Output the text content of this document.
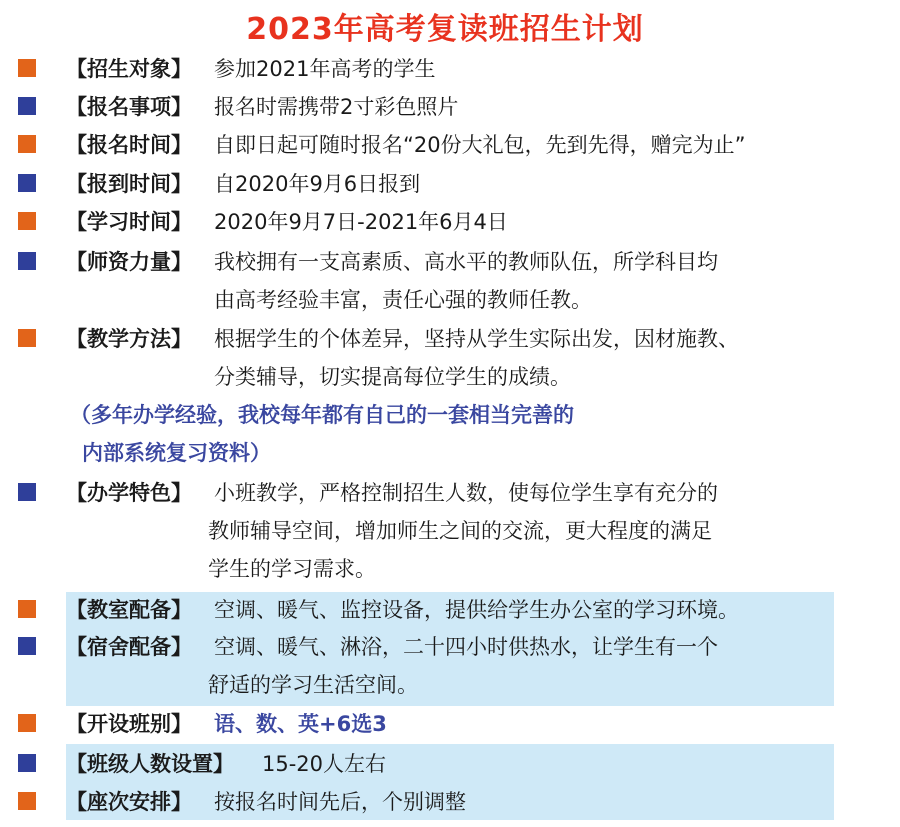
2023年高考复读班招生计划
【招生对象】 参加2021年高考的学生
【报名事项】 报名时需携带2寸彩色照片
【报名时间】 自即日起可随时报名“20份大礼包，先到先得，赠完为止”
【报到时间】 自2020年9月6日报到
【学习时间】 2020年9月7日-2021年6月4日
【师资力量】 我校拥有一支高素质、高水平的教师队伍，所学科目均
由高考经验丰富，责任心强的教师任教。
【教学方法】 根据学生的个体差异，坚持从学生实际出发，因材施教、
分类辅导，切实提高每位学生的成绩。
（多年办学经验，我校每年都有自己的一套相当完善的
内部系统复习资料）
【办学特色】 小班教学，严格控制招生人数，使每位学生享有充分的
教师辅导空间，增加师生之间的交流，更大程度的满足
学生的学习需求。
【教室配备】 空调、暖气、监控设备，提供给学生办公室的学习环境。
【宿舍配备】 空调、暖气、淋浴，二十四小时供热水，让学生有一个
舒适的学习生活空间。
【开设班别】 语、数、英+6选3
【班级人数设置】 15-20人左右
【座次安排】 按报名时间先后，个别调整
